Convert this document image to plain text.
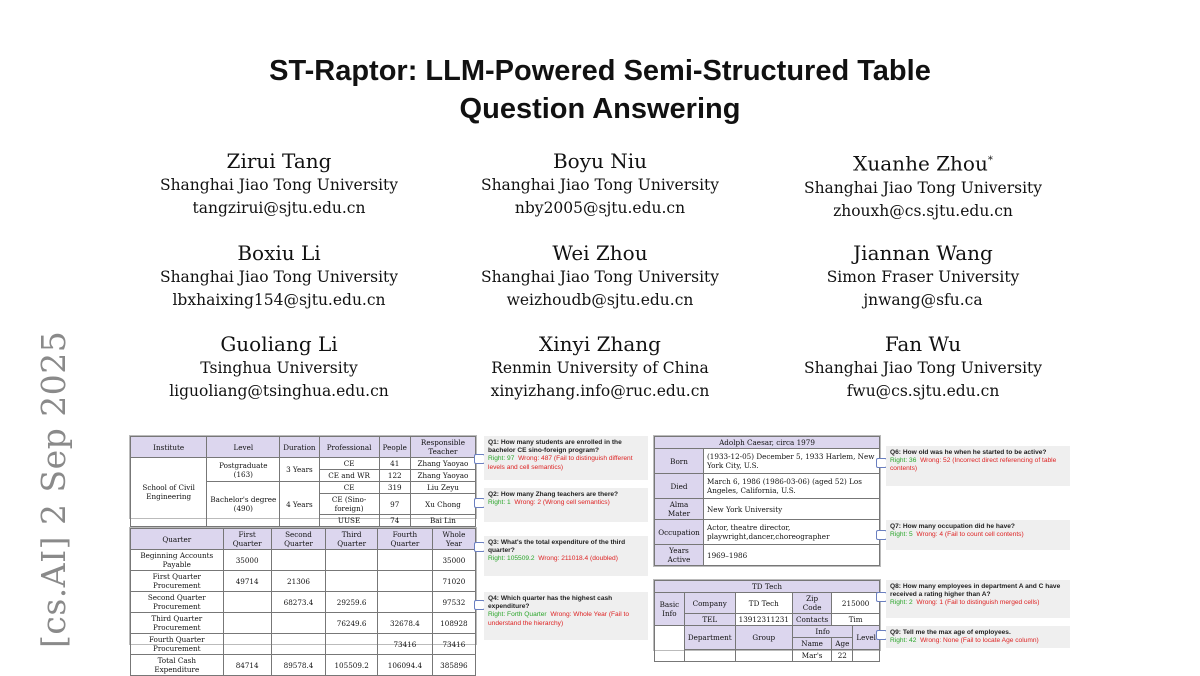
ST-Raptor: LLM-Powered Semi-Structured Table
Question Answering
Zirui Tang
Shanghai Jiao Tong University
tangzirui@sjtu.edu.cn
Boyu Niu
Shanghai Jiao Tong University
nby2005@sjtu.edu.cn
Xuanhe Zhou*
Shanghai Jiao Tong University
zhouxh@cs.sjtu.edu.cn
Boxiu Li
Shanghai Jiao Tong University
lbxhaixing154@sjtu.edu.cn
Wei Zhou
Shanghai Jiao Tong University
weizhoudb@sjtu.edu.cn
Jiannan Wang
Simon Fraser University
jnwang@sfu.ca
Guoliang Li
Tsinghua University
liguoliang@tsinghua.edu.cn
Xinyi Zhang
Renmin University of China
xinyizhang.info@ruc.edu.cn
Fan Wu
Shanghai Jiao Tong University
fwu@cs.sjtu.edu.cn
[cs.AI] 2 Sep 2025	Institute	Level	Duration	Professional	People	Responsible Teacher
School of Civil Engineering	Postgraduate (163)	3 Years	CE	41	Zhang Yaoyao
			CE and WR	122	Zhang Yaoyao
	Bachelor's degree (490)	4 Years	CE	319	Liu Zeyu
			CE (Sino-foreign)	97	Xu Chong
			UUSE	74	Bai Lin
Quarter	First Quarter	Second Quarter	Third Quarter	Fourth Quarter	Whole Year
Beginning Accounts Payable	35000				35000
First Quarter Procurement	49714	21306			71020
Second Quarter Procurement		68273.4	29259.6		97532
Third Quarter Procurement			76249.6	32678.4	108928
Fourth Quarter Procurement				73416	73416
Total Cash Expenditure	84714	89578.4	105509.2	106094.4	385896
Adolph Caesar, circa 1979	
Born	(1933-12-05) December 5, 1933 Harlem, New York City, U.S.
Died	March 6, 1986 (1986-03-06) (aged 52) Los Angeles, California, U.S.
Alma Mater	New York University
Occupation	Actor, theatre director, playwright,dancer,choreographer
Years Active	1969–1986
TD Tech					
Basic Info	Company	TD Tech	Zip Code	215000	
	TEL	13912311231	Contacts	Tim	
	Department	Group	Info		Level
			Name	Age	
			Mar's	22	
Q1: How many students are enrolled in the bachelor CE sino-foreign program?
Right: 97 Wrong: 487 (Fail to distinguish different levels and cell semantics)
Q2: How many Zhang teachers are there?
Right: 1 Wrong: 2 (Wrong cell semantics)
Q3: What's the total expenditure of the third quarter?
Right: 105509.2 Wrong: 211018.4 (doubled)
Q4: Which quarter has the highest cash expenditure?
Right: Forth Quarter Wrong: Whole Year (Fail to understand the hierarchy)
Q6: How old was he when he started to be active?
Right: 36 Wrong: 52 (Incorrect direct referencing of table contents)
Q7: How many occupation did he have?
Right: 5 Wrong: 4 (Fail to count cell contents)
Q8: How many employees in department A and C have received a rating higher than A?
Right: 2 Wrong: 1 (Fail to distinguish merged cells)
Q9: Tell me the max age of employees.
Right: 42 Wrong: None (Fail to locate Age column)
